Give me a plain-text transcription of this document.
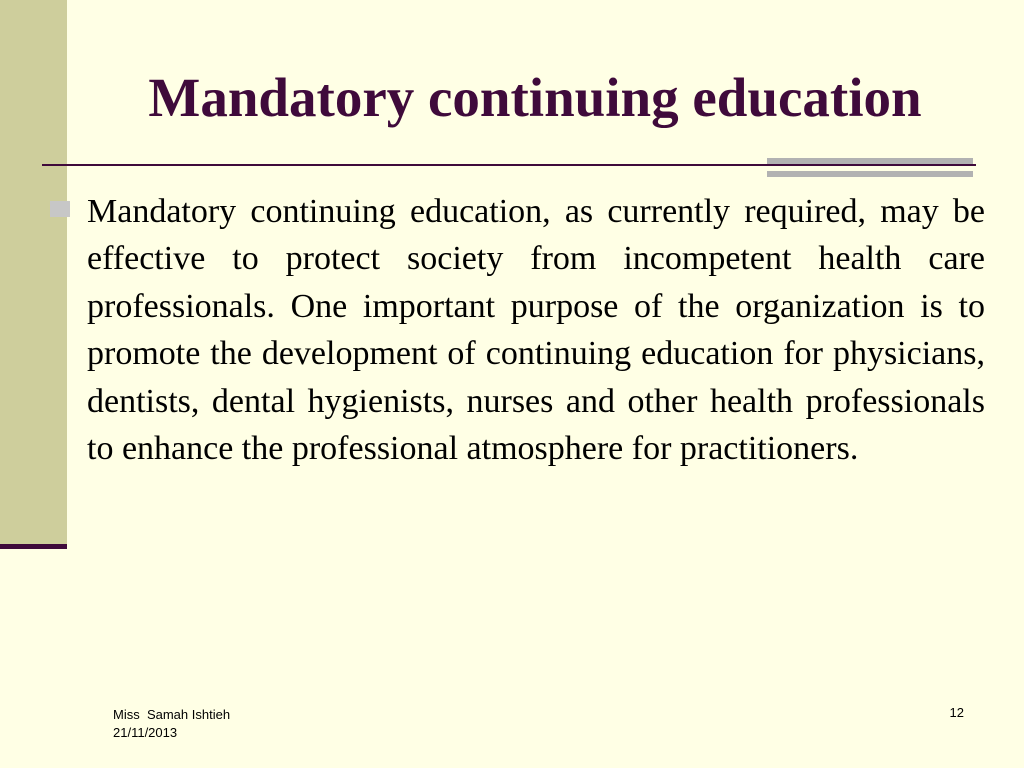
Mandatory continuing education

Mandatory continuing education, as currently required, may be effective to protect society from incompetent health care professionals. One important purpose of the organization is to promote the development of continuing education for physicians, dentists, dental hygienists, nurses and other health professionals to enhance the professional atmosphere for practitioners.

Miss  Samah Ishtieh
21/11/2013
12
